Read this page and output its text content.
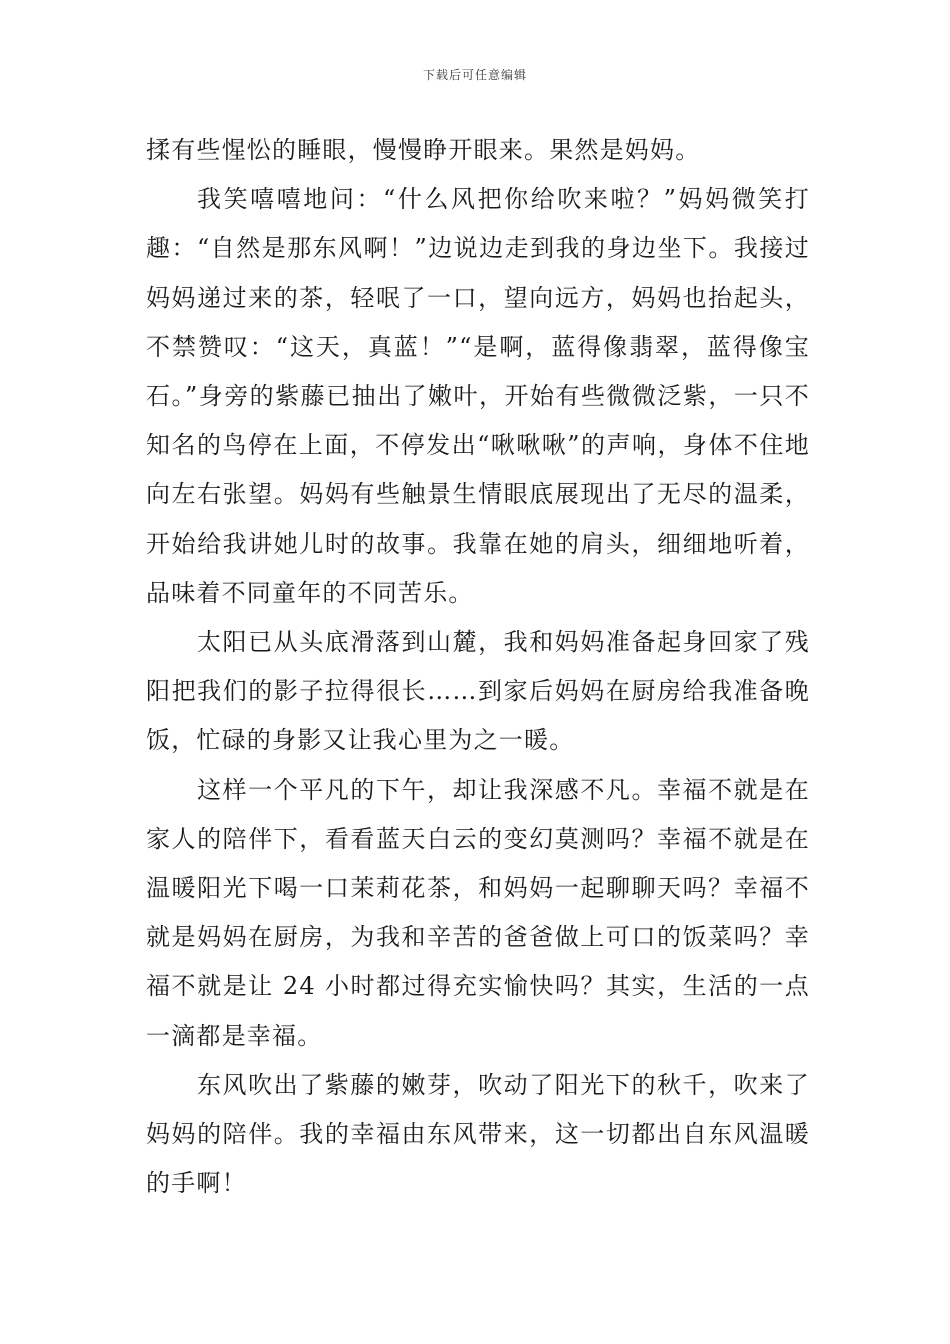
下载后可任意编辑

揉有些惺忪的睡眼，慢慢睁开眼来。果然是妈妈。

我笑嘻嘻地问：“什么风把你给吹来啦？”妈妈微笑打趣：“自然是那东风啊！”边说边走到我的身边坐下。我接过妈妈递过来的茶，轻呡了一口，望向远方，妈妈也抬起头，不禁赞叹：“这天，真蓝！”“是啊，蓝得像翡翠，蓝得像宝石。”身旁的紫藤已抽出了嫩叶，开始有些微微泛紫，一只不知名的鸟停在上面，不停发出“啾啾啾”的声响，身体不住地向左右张望。妈妈有些触景生情眼底展现出了无尽的温柔，开始给我讲她儿时的故事。我靠在她的肩头，细细地听着，品味着不同童年的不同苦乐。

太阳已从头底滑落到山麓，我和妈妈准备起身回家了残阳把我们的影子拉得很长……到家后妈妈在厨房给我准备晚饭，忙碌的身影又让我心里为之一暖。

这样一个平凡的下午，却让我深感不凡。幸福不就是在家人的陪伴下，看看蓝天白云的变幻莫测吗？幸福不就是在温暖阳光下喝一口茉莉花茶，和妈妈一起聊聊天吗？幸福不就是妈妈在厨房，为我和辛苦的爸爸做上可口的饭菜吗？幸福不就是让 24 小时都过得充实愉快吗？其实，生活的一点一滴都是幸福。

东风吹出了紫藤的嫩芽，吹动了阳光下的秋千，吹来了妈妈的陪伴。我的幸福由东风带来，这一切都出自东风温暖的手啊！
